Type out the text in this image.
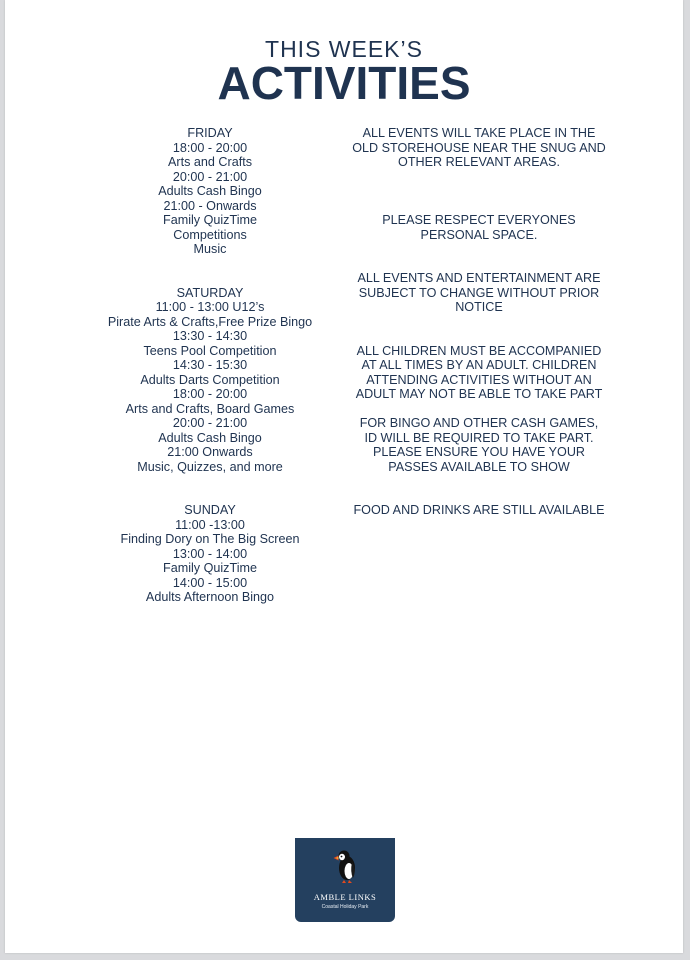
THIS WEEK’S
ACTIVITIES
FRIDAY
18:00 - 20:00
Arts and Crafts
20:00 - 21:00
Adults Cash Bingo
21:00 - Onwards
Family QuizTime
Competitions
Music
SATURDAY
11:00 - 13:00 U12’s
Pirate Arts & Crafts,Free Prize Bingo
13:30 - 14:30
Teens Pool Competition
14:30 - 15:30
Adults Darts Competition
18:00 - 20:00
Arts and Crafts, Board Games
20:00 - 21:00
Adults Cash Bingo
21:00 Onwards
Music, Quizzes, and more
SUNDAY
11:00 -13:00
Finding Dory on The Big Screen
13:00 - 14:00
Family QuizTime
14:00 - 15:00
Adults Afternoon Bingo
ALL EVENTS WILL TAKE PLACE IN THE
OLD STOREHOUSE NEAR THE SNUG AND
OTHER RELEVANT AREAS.
PLEASE RESPECT EVERYONES
PERSONAL SPACE.
ALL EVENTS AND ENTERTAINMENT ARE
SUBJECT TO CHANGE WITHOUT PRIOR
NOTICE
ALL CHILDREN MUST BE ACCOMPANIED
AT ALL TIMES BY AN ADULT. CHILDREN
ATTENDING ACTIVITIES WITHOUT AN
ADULT MAY NOT BE ABLE TO TAKE PART
FOR BINGO AND OTHER CASH GAMES,
ID WILL BE REQUIRED TO TAKE PART.
PLEASE ENSURE YOU HAVE YOUR
PASSES AVAILABLE TO SHOW
FOOD AND DRINKS ARE STILL AVAILABLE
AMBLE LINKS
Coastal Holiday Park
